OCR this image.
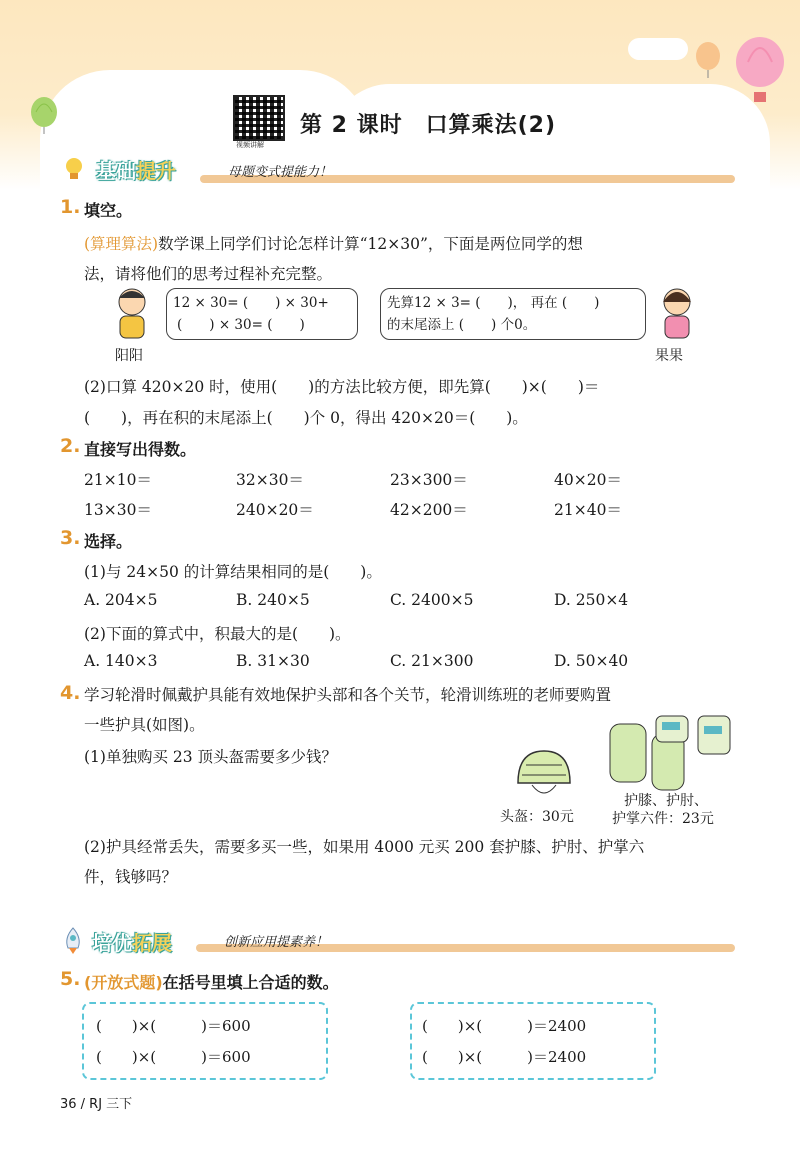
视频讲解
第 2 课时　口算乘法(2)
基础提升	母题变式提能力！
1. 填空。
(算理算法)数学课上同学们讨论怎样计算“12×30”，下面是两位同学的想
法，请将他们的思考过程补充完整。
阳阳
12 × 30= (　　) × 30+
(　　) × 30= (　　)
先算12 × 3= (　　)， 再在 (　　)
的末尾添上 (　　) 个0。
果果
(2)口算 420×20 时，使用(　　)的方法比较方便，即先算(　　)×(　　)＝
(　　)，再在积的末尾添上(　　)个 0，得出 420×20＝(　　)。
2. 直接写出得数。
21×10＝	32×30＝	23×300＝	40×20＝
13×30＝	240×20＝	42×200＝	21×40＝
3. 选择。
(1)与 24×50 的计算结果相同的是(　　)。
A. 204×5	B. 240×5	C. 2400×5	D. 250×4
(2)下面的算式中，积最大的是(　　)。
A. 140×3	B. 31×30	C. 21×300	D. 50×40
4. 学习轮滑时佩戴护具能有效地保护头部和各个关节，轮滑训练班的老师要购置
一些护具(如图)。
(1)单独购买 23 顶头盔需要多少钱？
头盔：30元
护膝、护肘、
护掌六件：23元
(2)护具经常丢失，需要多买一些，如果用 4000 元买 200 套护膝、护肘、护掌六
件，钱够吗？
培优拓展	创新应用提素养！
5. (开放式题)在括号里填上合适的数。
(　　)×(　　　)＝600
(　　)×(　　　)＝600
(　　)×(　　　)＝2400
(　　)×(　　　)＝2400
36 / RJ 三下
